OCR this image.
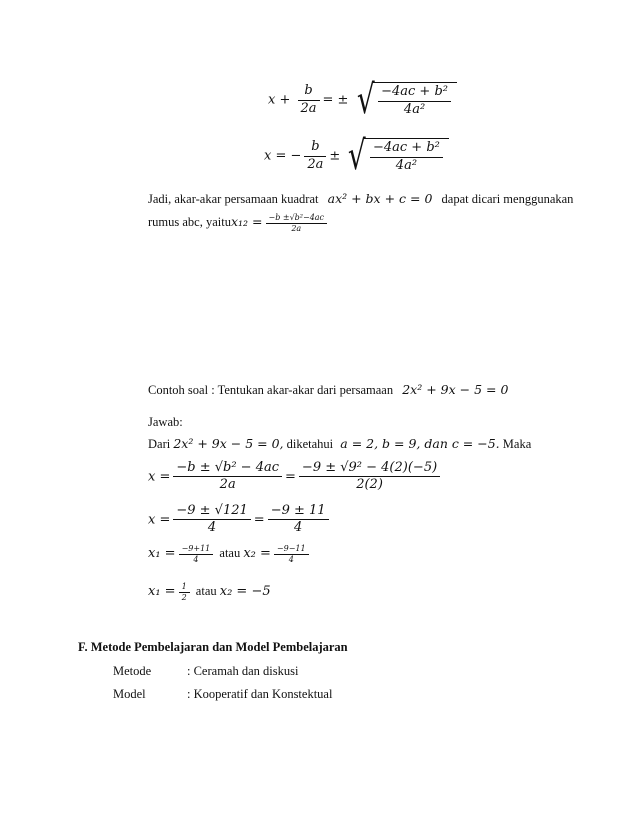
$x + \frac{b}{2a}$ = ± √ $\frac{\text{−4ac + b²}}{\text{4a²}}$
x = − $\frac{b}{2a}$ ± √ $\frac{\text{−4ac + b²}}{\text{4a²}}$
Jadi, akar-akar persamaan kuadrat ax² + bx + c = 0 dapat dicari menggunakan
rumus abc, yaitux₁₂ = $\frac{\text{−b ±√b²−4ac}}{2a}$
Contoh soal : Tentukan akar-akar dari persamaan 2x² + 9x − 5 = 0
Jawab:
Dari 2x² + 9x − 5 = 0, diketahui a = 2, b = 9, dan c = −5. Maka
$x = \frac{\text{−b ± √b² − 4ac}}{2a} = \frac{\text{−9 ± √9² − 4(2)(−5)}}{2(2)}$
$x = \frac{-9 \pm √121}{4} = \frac{-9 \pm 11}{4}$
$x_1 = \frac{-9+11}{4}$ atau $x_2 = \frac{-9-11}{4}$
$x_1 = \frac{1}{2}$ atau x₂ = −5
F. Metode Pembelajaran dan Model Pembelajaran
Metode	: Ceramah dan diskusi
Model	: Kooperatif dan Konstektual
